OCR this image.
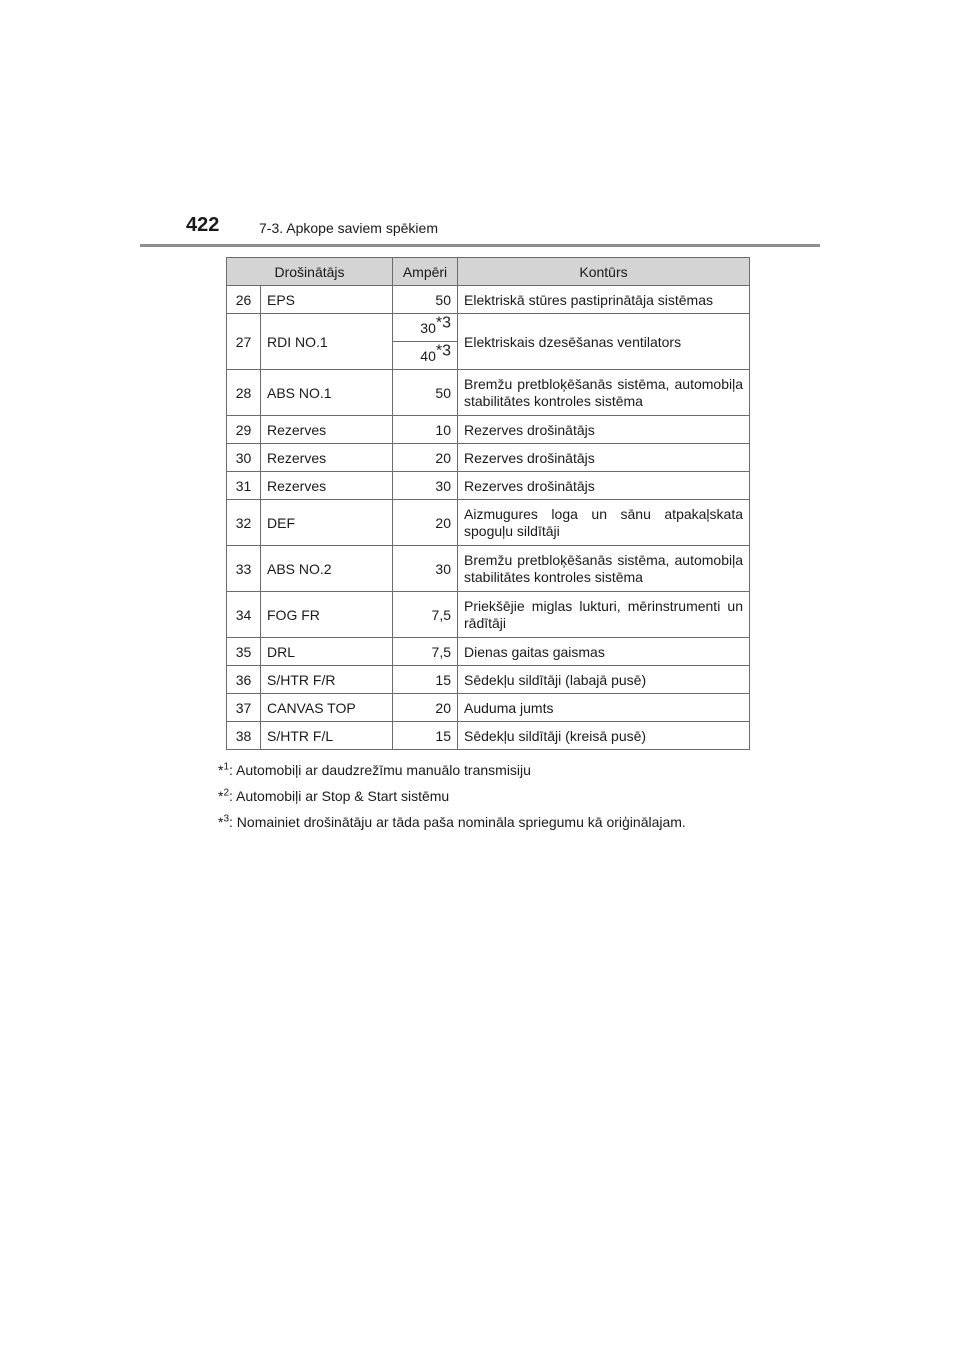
422	7-3. Apkope saviem spēkiem
Drošinātājs		Ampēri	Kontūrs
26	EPS	50	Elektriskā stūres pastiprinātāja sistēmas
27	RDI NO.1	30$^{*3}$	Elektriskais dzesēšanas ventilators
		40$^{*3}$
28	ABS NO.1	50	Bremžu pretbloķēšanās sistēma, automobiļa stabilitātes kontroles sistēma
29	Rezerves	10	Rezerves drošinātājs
30	Rezerves	20	Rezerves drošinātājs
31	Rezerves	30	Rezerves drošinātājs
32	DEF	20	Aizmugures loga un sānu atpakaļskata spoguļu sildītāji
33	ABS NO.2	30	Bremžu pretbloķēšanās sistēma, automobiļa stabilitātes kontroles sistēma
34	FOG FR	7,5	Priekšējie miglas lukturi, mērinstrumenti un rādītāji
35	DRL	7,5	Dienas gaitas gaismas
36	S/HTR F/R	15	Sēdekļu sildītāji (labajā pusē)
37	CANVAS TOP	20	Auduma jumts
38	S/HTR F/L	15	Sēdekļu sildītāji (kreisā pusē)
*$^1$: Automobiļi ar daudzrežīmu manuālo transmisiju
*$^2$: Automobiļi ar Stop & Start sistēmu
*$^3$: Nomainiet drošinātāju ar tāda paša nomināla spriegumu kā oriģinālajam.
